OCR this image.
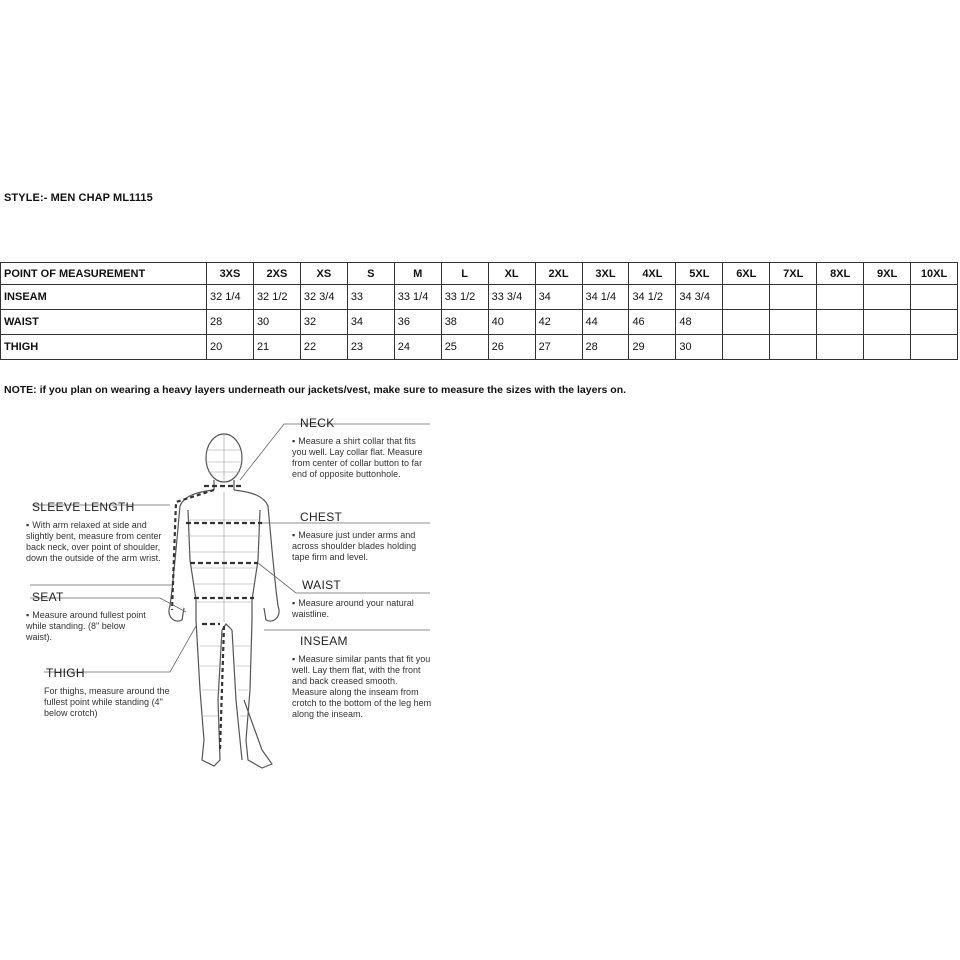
STYLE:- MEN CHAP ML1115
POINT OF MEASUREMENT	3XS	2XS	XS	S	M	L	XL	2XL	3XL	4XL	5XL	6XL	7XL	8XL	9XL	10XL
INSEAM	32 1/4	32 1/2	32 3/4	33	33 1/4	33 1/2	33 3/4	34	34 1/4	34 1/2	34 3/4					
WAIST	28	30	32	34	36	38	40	42	44	46	48					
THIGH	20	21	22	23	24	25	26	27	28	29	30					
NOTE: if you plan on wearing a heavy layers underneath our jackets/vest, make sure to measure the sizes with the layers on.
NECK
▪ Measure a shirt collar that fits you well. Lay collar flat. Measure from center of collar button to far end of opposite buttonhole.
CHEST
▪ Measure just under arms and across shoulder blades holding tape firm and level.
WAIST
▪ Measure around your natural waistline.
INSEAM
▪ Measure similar pants that fit you well. Lay them flat, with the front and back creased smooth. Measure along the inseam from crotch to the bottom of the leg hem along the inseam.
SLEEVE LENGTH
▪ With arm relaxed at side and slightly bent, measure from center back neck, over point of shoulder, down the outside of the arm wrist.
SEAT
▪ Measure around fullest point while standing. (8" below waist).
THIGH
For thighs, measure around the fullest point while standing (4" below crotch)
